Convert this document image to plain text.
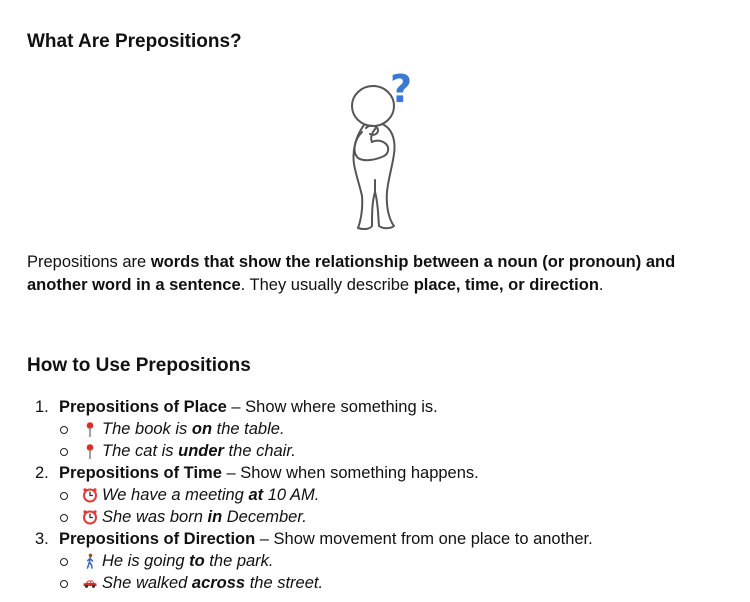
What Are Prepositions?
?

Prepositions are words that show the relationship between a noun (or pronoun) and another word in a sentence. They usually describe place, time, or direction.

How to Use Prepositions
1. Prepositions of Place – Show where something is.
The book is on the table.
The cat is under the chair.
2. Prepositions of Time – Show when something happens.
We have a meeting at 10 AM.
She was born in December.
3. Prepositions of Direction – Show movement from one place to another.
He is going to the park.
She walked across the street.
